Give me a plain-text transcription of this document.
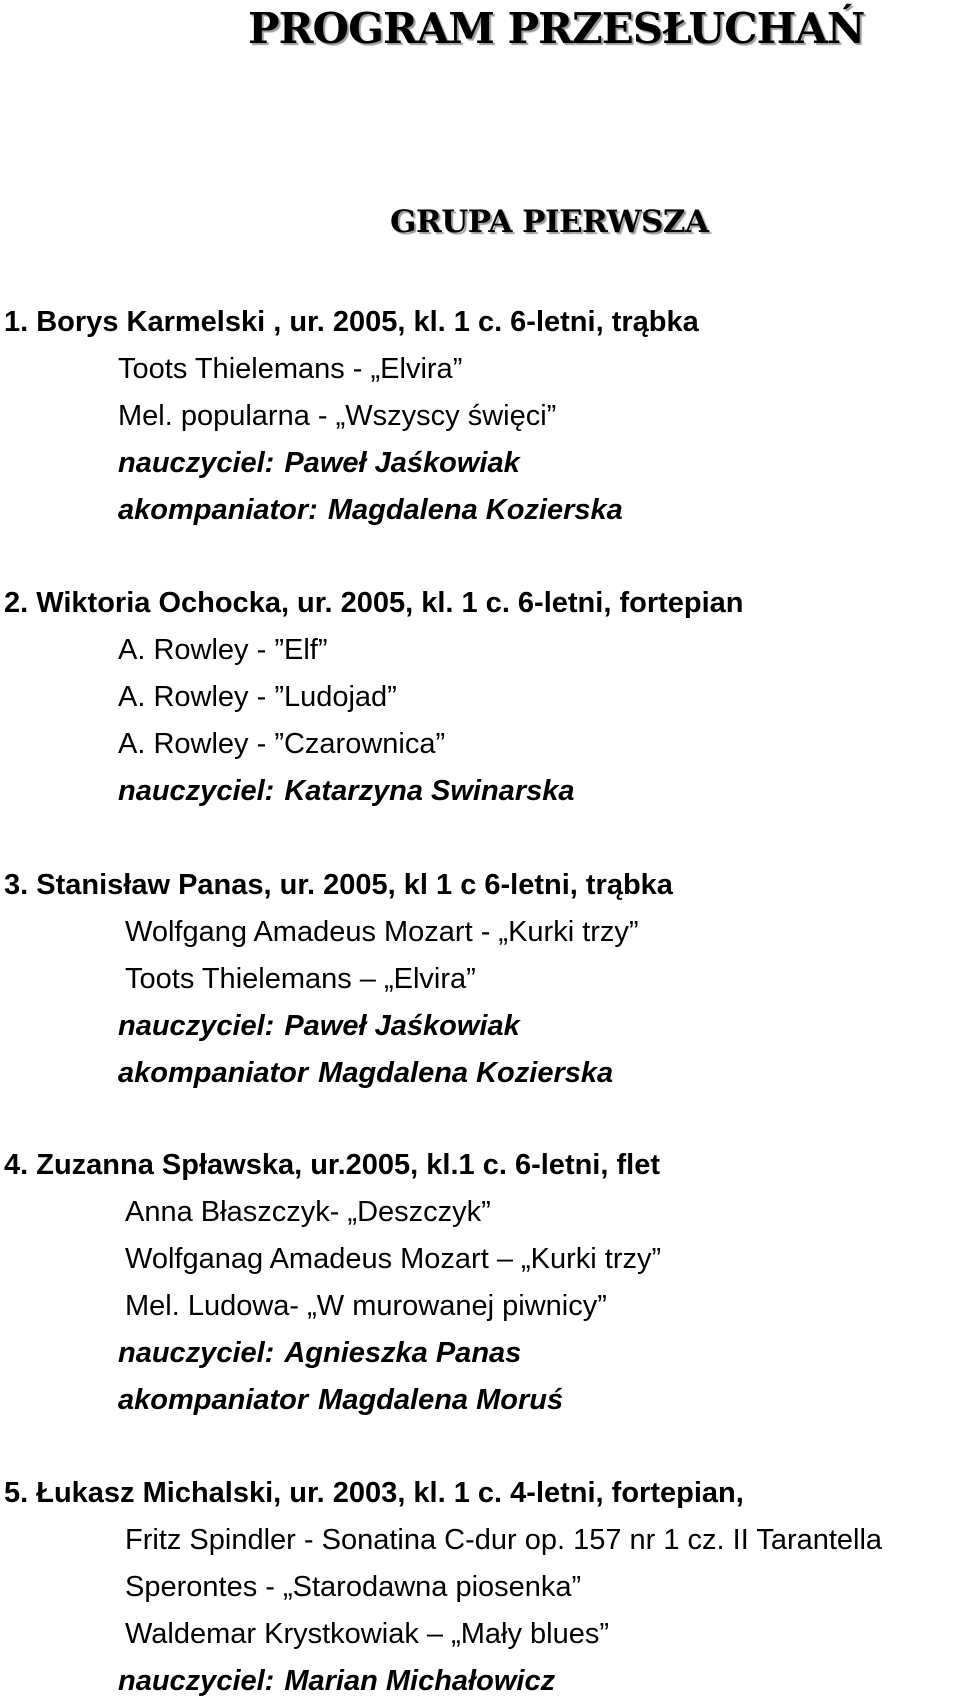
PROGRAM PRZESŁUCHAŃ
GRUPA PIERWSZA
1. Borys Karmelski , ur. 2005, kl. 1 c. 6-letni, trąbka
Toots Thielemans - „Elvira”
Mel. popularna - „Wszyscy święci”
nauczyciel: Paweł Jaśkowiak
akompaniator: Magdalena Kozierska
2. Wiktoria Ochocka, ur. 2005, kl. 1 c. 6-letni, fortepian
A. Rowley - ”Elf”
A. Rowley - ”Ludojad”
A. Rowley - ”Czarownica”
nauczyciel: Katarzyna Swinarska
3. Stanisław Panas, ur. 2005, kl 1 c 6-letni, trąbka
Wolfgang Amadeus Mozart - „Kurki trzy”
Toots Thielemans – „Elvira”
nauczyciel: Paweł Jaśkowiak
akompaniator Magdalena Kozierska
4. Zuzanna Spławska, ur.2005, kl.1 c. 6-letni, flet
Anna Błaszczyk- „Deszczyk”
Wolfganag Amadeus Mozart – „Kurki trzy”
Mel. Ludowa- „W murowanej piwnicy”
nauczyciel: Agnieszka Panas
akompaniator Magdalena Moruś
5. Łukasz Michalski, ur. 2003, kl. 1 c. 4-letni, fortepian,
Fritz Spindler - Sonatina C-dur op. 157 nr 1 cz. II Tarantella
Sperontes - „Starodawna piosenka”
Waldemar Krystkowiak – „Mały blues”
nauczyciel: Marian Michałowicz
